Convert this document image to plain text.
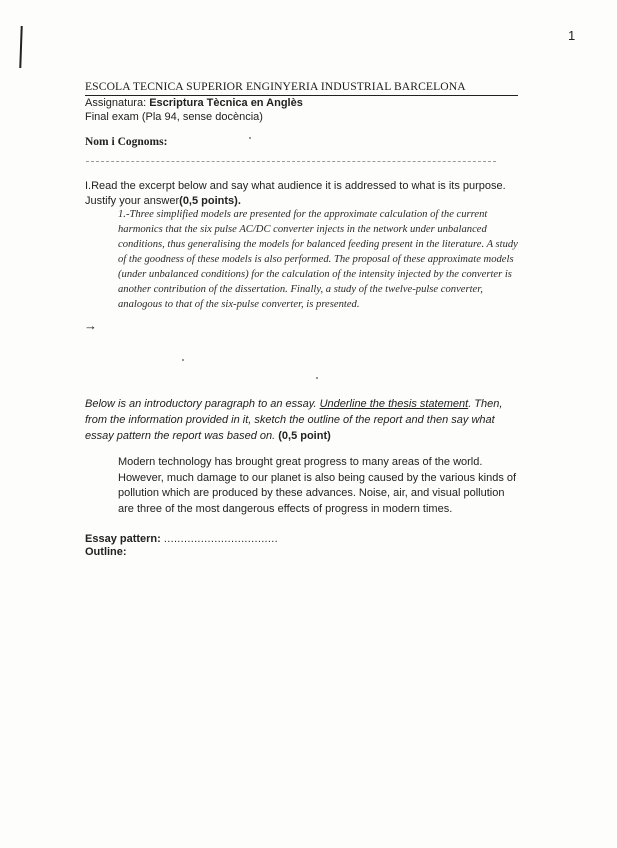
1
ESCOLA TECNICA SUPERIOR ENGINYERIA INDUSTRIAL BARCELONA
Assignatura: Escriptura Tècnica en Anglès
Final exam (Pla 94, sense docència)
Nom i Cognoms:
I.Read the excerpt below and say what audience it is addressed to what is its purpose. Justify your answer(0,5 points).
1.-Three simplified models are presented for the approximate calculation of the current harmonics that the six pulse AC/DC converter injects in the network under unbalanced conditions, thus generalising the models for balanced feeding present in the literature. A study of the goodness of these models is also performed. The proposal of these approximate models (under unbalanced conditions) for the calculation of the intensity injected by the converter is another contribution of the dissertation. Finally, a study of the twelve-pulse converter, analogous to that of the six-pulse converter, is presented.
→
Below is an introductory paragraph to an essay. Underline the thesis statement. Then, from the information provided in it, sketch the outline of the report and then say what essay pattern the report was based on. (0,5 point)
Modern technology has brought great progress to many areas of the world. However, much damage to our planet is also being caused by the various kinds of pollution which are produced by these advances. Noise, air, and visual pollution are three of the most dangerous effects of progress in modern times.
Essay pattern: ..................................
Outline:
